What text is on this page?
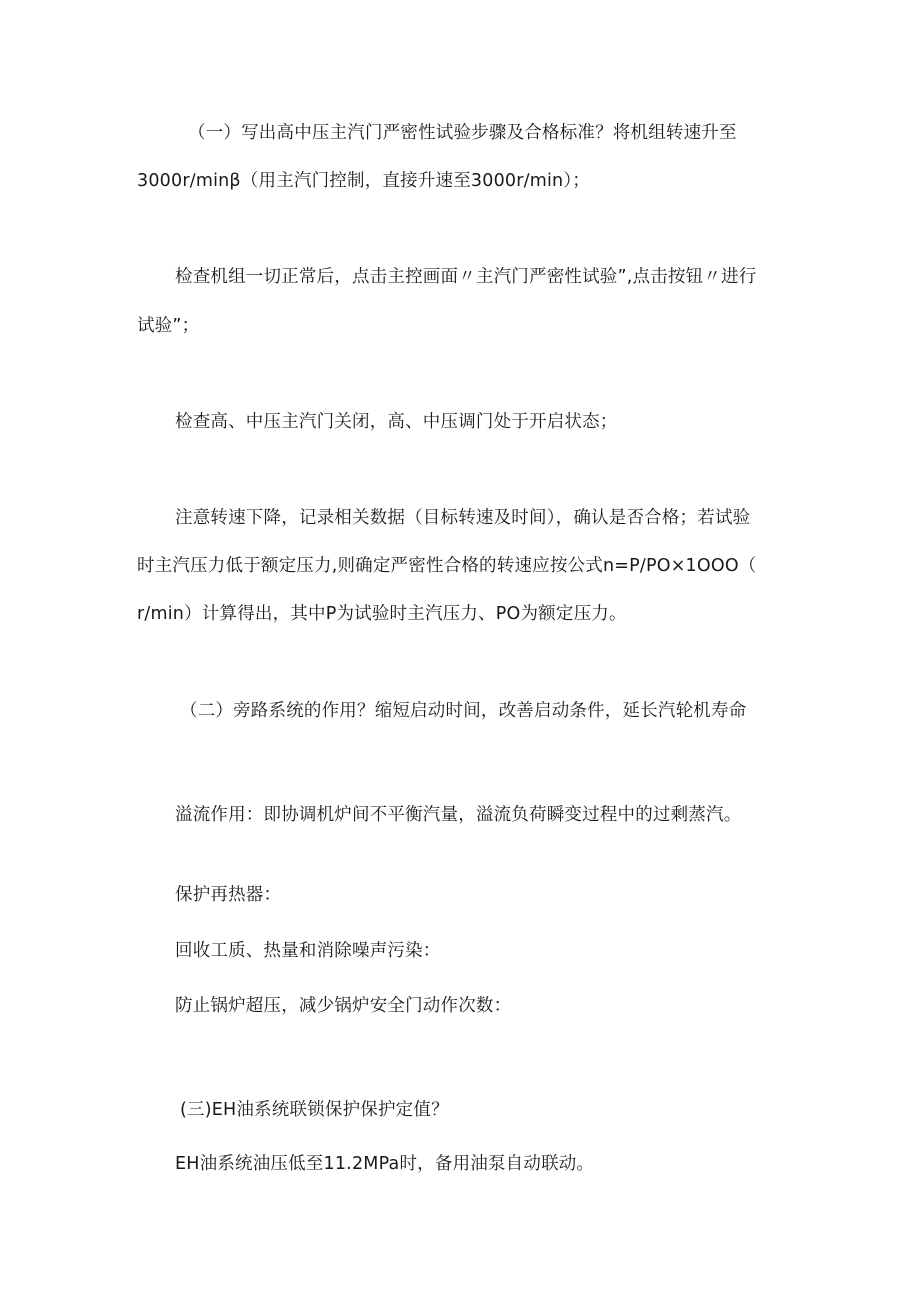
（一）写出高中压主汽门严密性试验步骤及合格标准？将机组转速升至
3000r∕minβ（用主汽门控制，直接升速至3000r∕min）；
检查机组一切正常后，点击主控画面〃主汽门严密性试验”,点击按钮〃进行
试验”；
检查高、中压主汽门关闭，高、中压调门处于开启状态；
注意转速下降，记录相关数据（目标转速及时间），确认是否合格；若试验
时主汽压力低于额定压力,则确定严密性合格的转速应按公式n=P∕PO×1OOO（
r/min）计算得出，其中P为试验时主汽压力、PO为额定压力。
（二）旁路系统的作用？缩短启动时间，改善启动条件，延长汽轮机寿命
溢流作用：即协调机炉间不平衡汽量，溢流负荷瞬变过程中的过剩蒸汽。
保护再热器：
回收工质、热量和消除噪声污染：
防止锅炉超压，减少锅炉安全门动作次数：
(三)EH油系统联锁保护保护定值？
EH油系统油压低至11.2MPa时，备用油泵自动联动。
